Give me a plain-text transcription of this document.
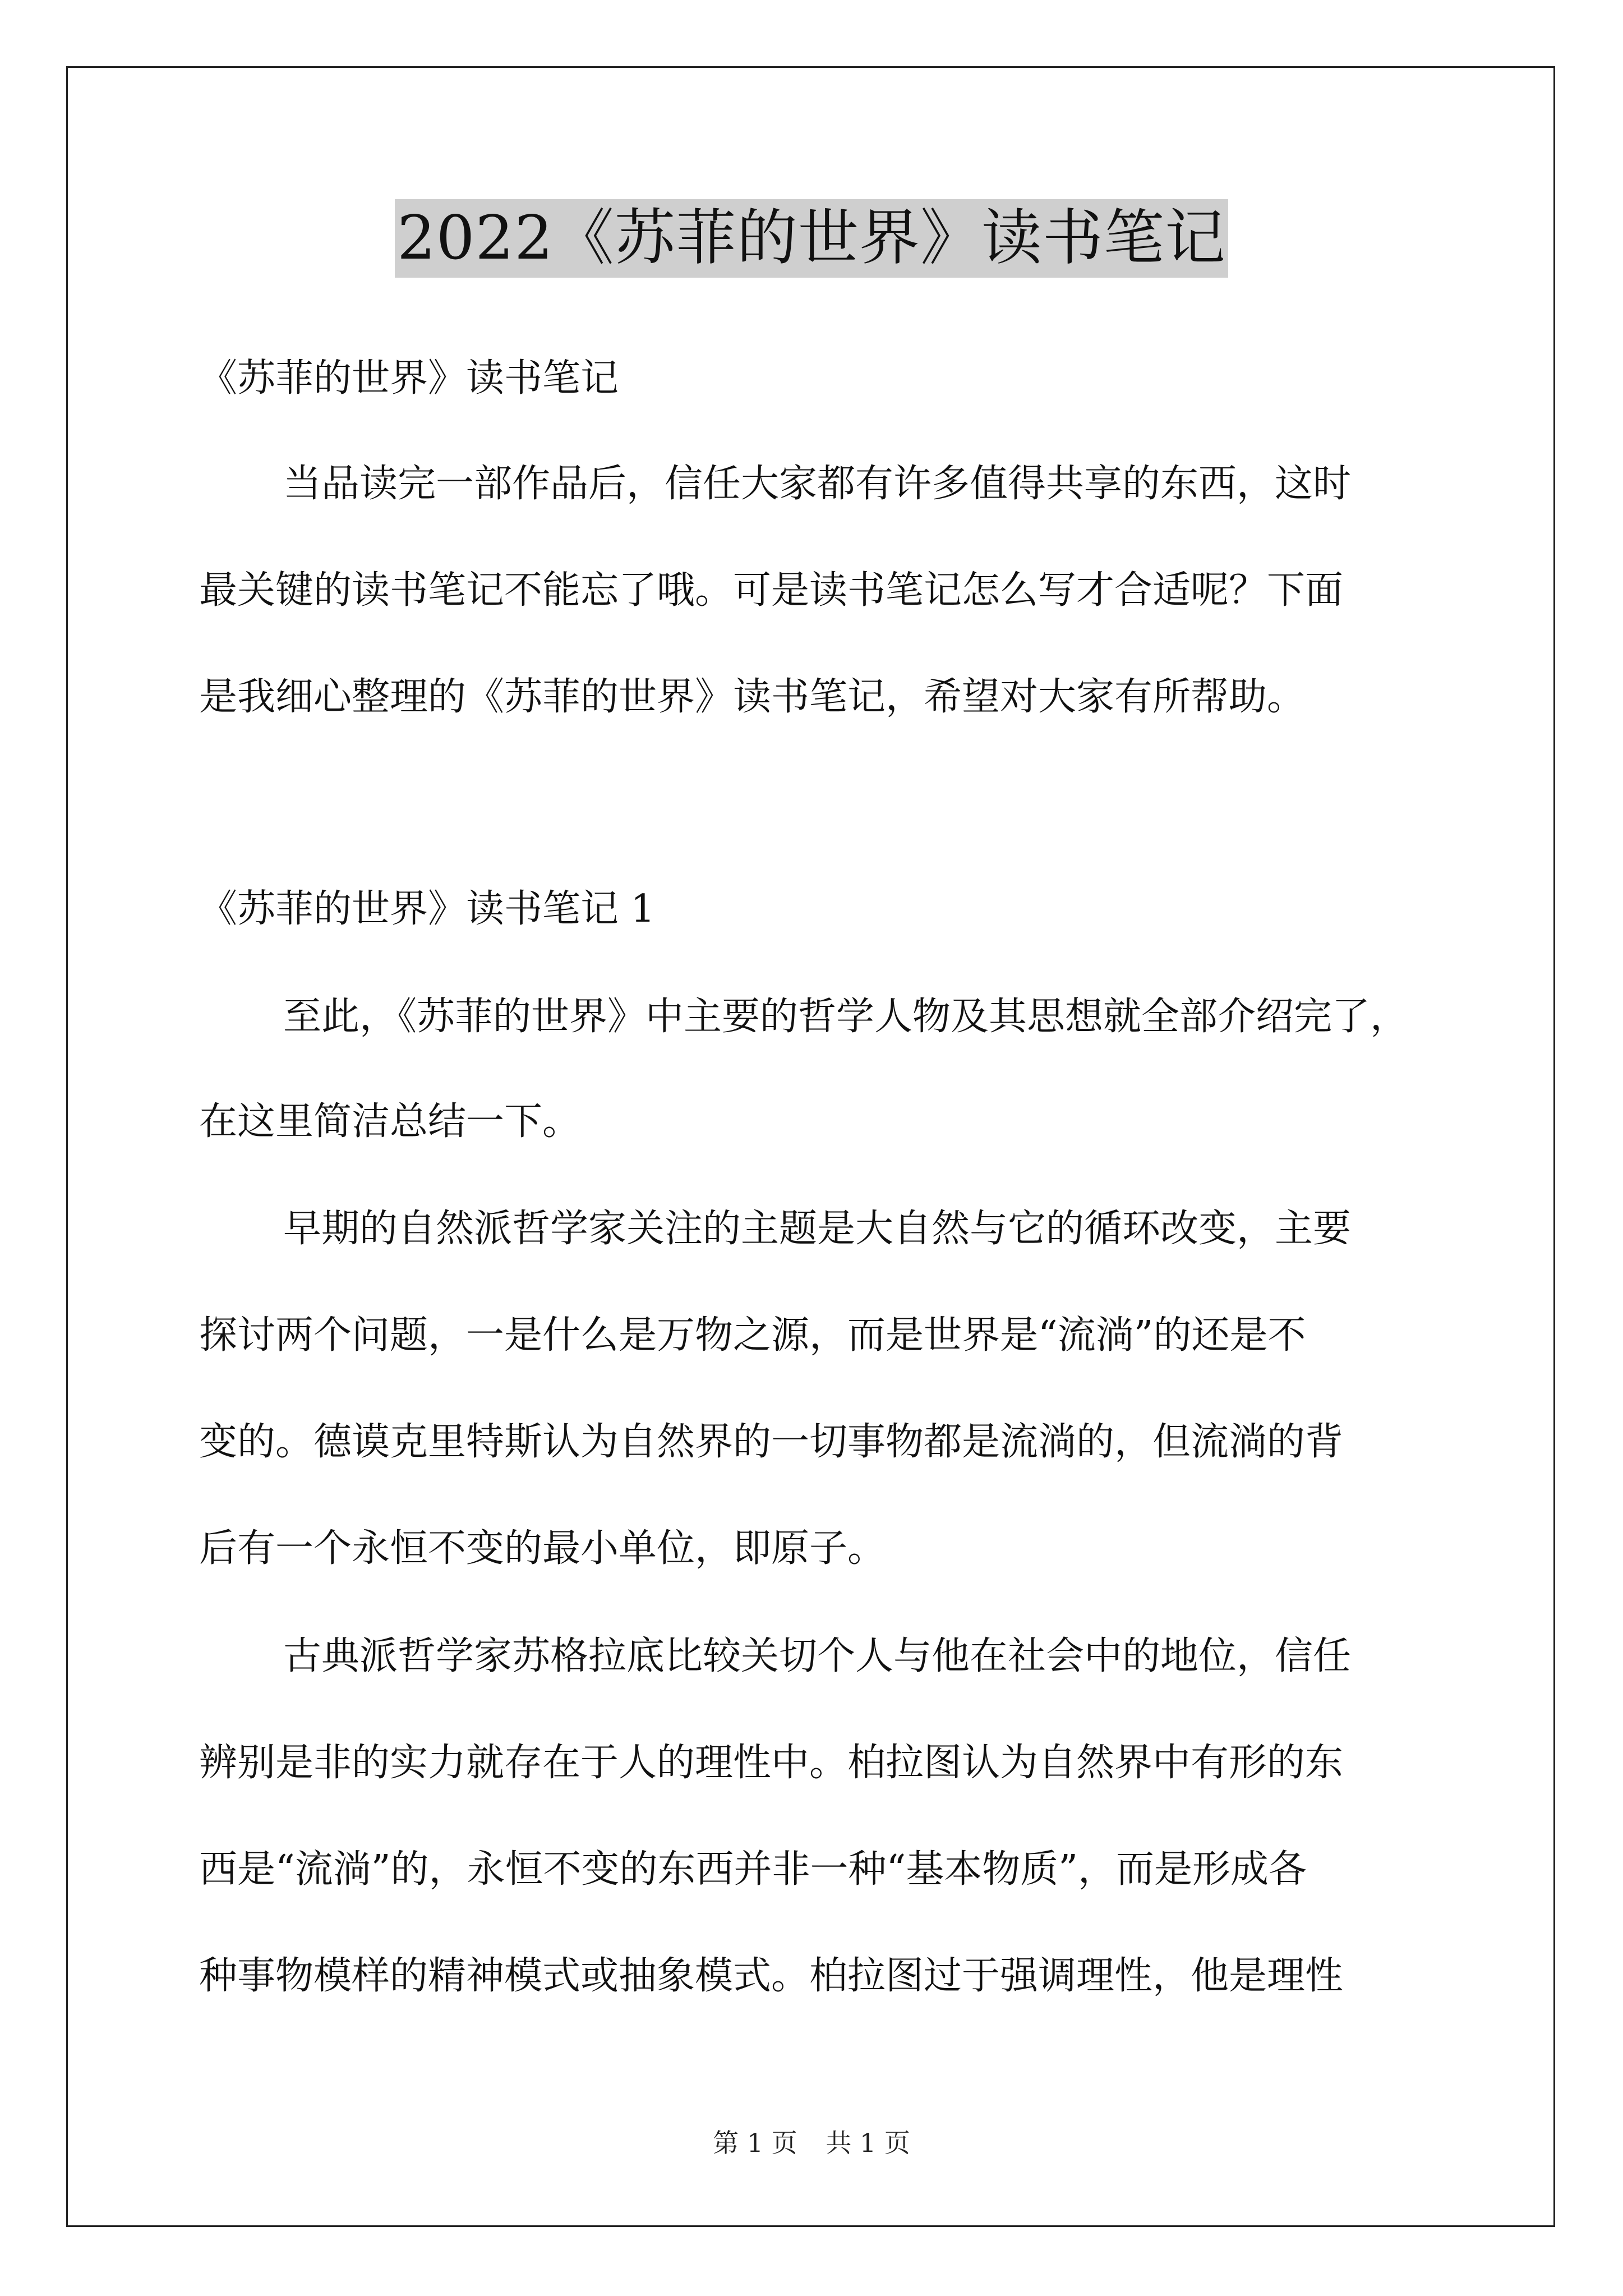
2022《苏菲的世界》读书笔记
《苏菲的世界》读书笔记
当品读完一部作品后，信任大家都有许多值得共享的东西，这时
最关键的读书笔记不能忘了哦。可是读书笔记怎么写才合适呢？下面
是我细心整理的《苏菲的世界》读书笔记，希望对大家有所帮助。
《苏菲的世界》读书笔记 1
至此，《苏菲的世界》中主要的哲学人物及其思想就全部介绍完了，
在这里简洁总结一下。
早期的自然派哲学家关注的主题是大自然与它的循环改变，主要
探讨两个问题，一是什么是万物之源，而是世界是“流淌”的还是不
变的。德谟克里特斯认为自然界的一切事物都是流淌的，但流淌的背
后有一个永恒不变的最小单位，即原子。
古典派哲学家苏格拉底比较关切个人与他在社会中的地位，信任
辨别是非的实力就存在于人的理性中。柏拉图认为自然界中有形的东
西是“流淌”的，永恒不变的东西并非一种“基本物质”，而是形成各
种事物模样的精神模式或抽象模式。柏拉图过于强调理性，他是理性
第 1 页 共 1 页
